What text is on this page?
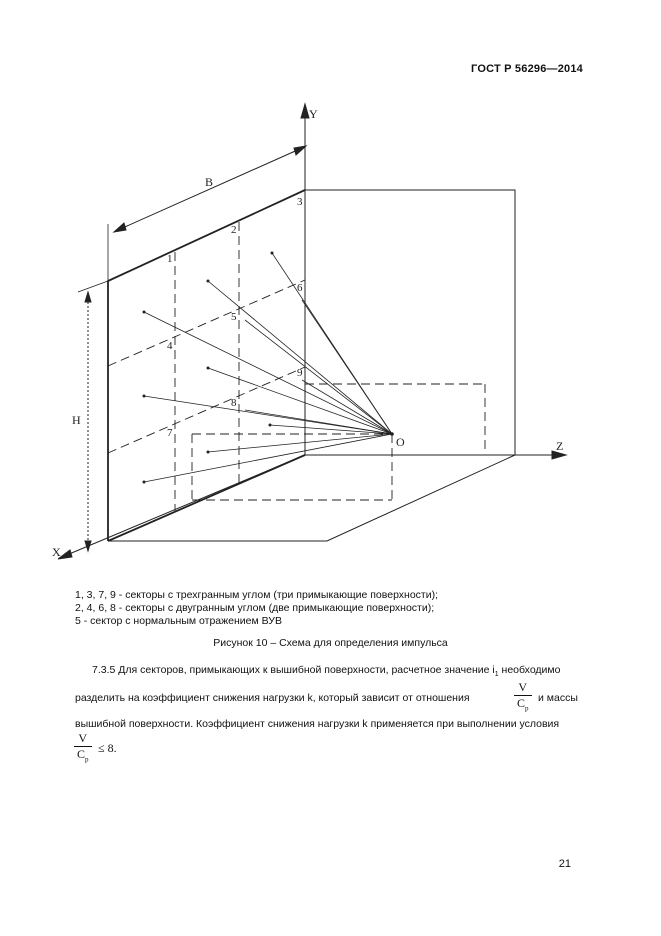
ГОСТ Р 56296—2014
Y
Z
X
O
B
H
1
2
3
4
5
6
7
8
9
1, 3, 7, 9 - секторы с трехгранным углом (три примыкающие поверхности);
2, 4, 6, 8 - секторы с двугранным углом (две примыкающие поверхности);
5 - сектор с нормальным отражением ВУВ
Рисунок 10 – Схема для определения импульса
7.3.5 Для секторов, примыкающих к вышибной поверхности, расчетное значение $i_1$ необходимо
разделить на коэффициент снижения нагрузки k, который зависит от отношения	$\frac{V}{C_p}$ и массы
вышибной поверхности. Коэффициент снижения нагрузки k применяется при выполнении условия
$\frac{V}{C_p} \le 8$.
21
